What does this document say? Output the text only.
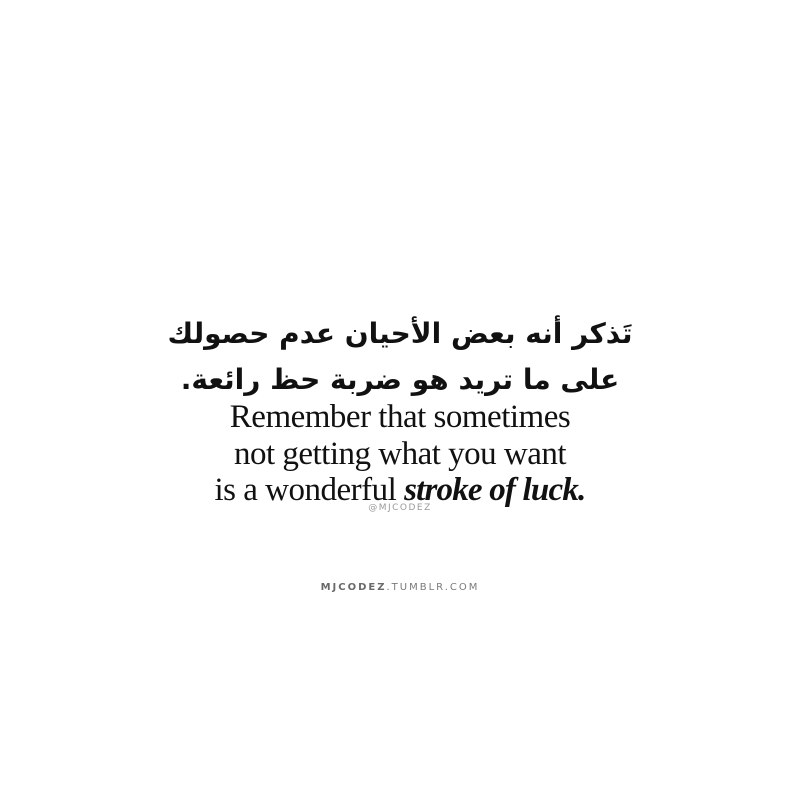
تَذكر أنه بعض الأحيان عدم حصولك
على ما تريد هو ضربة حظ رائعة.
Remember that sometimes
not getting what you want
is a wonderful stroke of luck.
@MJCODEZ
MJCODEZ.TUMBLR.COM
